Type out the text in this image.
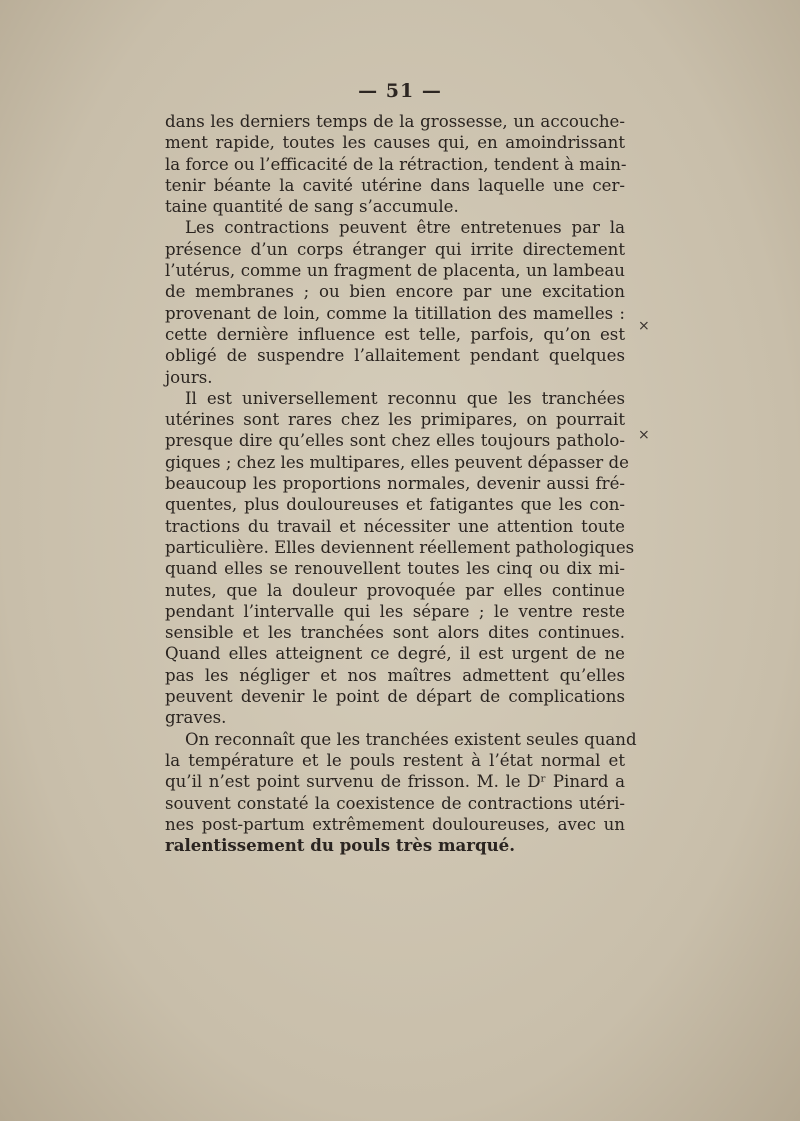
— 51 —
dans les derniers temps de la grossesse, un accouche-
ment rapide, toutes les causes qui, en amoindrissant
la force ou l’efficacité de la rétraction, tendent à main-
tenir béante la cavité utérine dans laquelle une cer-
taine quantité de sang s’accumule.
Les contractions peuvent être entretenues par la
présence d’un corps étranger qui irrite directement
l’utérus, comme un fragment de placenta, un lambeau
de membranes ; ou bien encore par une excitation
provenant de loin, comme la titillation des mamelles :
cette dernière influence est telle, parfois, qu’on est
obligé de suspendre l’allaitement pendant quelques
jours.
Il est universellement reconnu que les tranchées
utérines sont rares chez les primipares, on pourrait
presque dire qu’elles sont chez elles toujours patholo-
giques ; chez les multipares, elles peuvent dépasser de
beaucoup les proportions normales, devenir aussi fré-
quentes, plus douloureuses et fatigantes que les con-
tractions du travail et nécessiter une attention toute
particulière. Elles deviennent réellement pathologiques
quand elles se renouvellent toutes les cinq ou dix mi-
nutes, que la douleur provoquée par elles continue
pendant l’intervalle qui les sépare ; le ventre reste
sensible et les tranchées sont alors dites continues.
Quand elles atteignent ce degré, il est urgent de ne
pas les négliger et nos maîtres admettent qu’elles
peuvent devenir le point de départ de complications
graves.
On reconnaît que les tranchées existent seules quand
la température et le pouls restent à l’état normal et
qu’il n’est point survenu de frisson. M. le Dʳ Pinard a
souvent constaté la coexistence de contractions utéri-
nes post-partum extrêmement douloureuses, avec un
ralentissement du pouls très marqué.
⨯
⨯
